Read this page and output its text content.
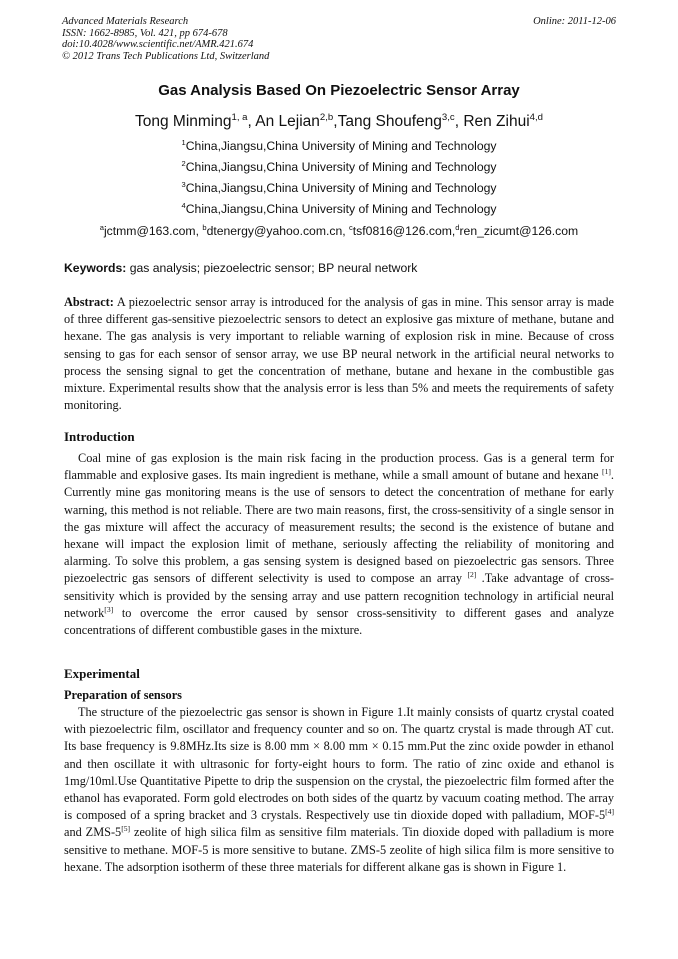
Advanced Materials Research
ISSN: 1662-8985, Vol. 421, pp 674-678
doi:10.4028/www.scientific.net/AMR.421.674
© 2012 Trans Tech Publications Ltd, Switzerland
Online: 2011-12-06
Gas Analysis Based On Piezoelectric Sensor Array
Tong Minming$^{1, a}$, An Lejian$^{2,b}$,Tang Shoufeng$^{3,c}$, Ren Zihui$^{4,d}$
$^1$China,Jiangsu,China University of Mining and Technology
$^2$China,Jiangsu,China University of Mining and Technology
$^3$China,Jiangsu,China University of Mining and Technology
$^4$China,Jiangsu,China University of Mining and Technology
$^a$jctmm@163.com, $^b$dtenergy@yahoo.com.cn, $^c$tsf0816@126.com,$^d$ren_zicumt@126.com
Keywords: gas analysis; piezoelectric sensor; BP neural network
Abstract: A piezoelectric sensor array is introduced for the analysis of gas in mine. This sensor array is made of three different gas-sensitive piezoelectric sensors to detect an explosive gas mixture of methane, butane and hexane. The gas analysis is very important to reliable warning of explosion risk in mine. Because of cross sensing to gas for each sensor of sensor array, we use BP neural network in the artificial neural networks to process the sensing signal to get the concentration of methane, butane and hexane in the combustible gas mixture. Experimental results show that the analysis error is less than 5% and meets the requirements of safety monitoring.
Introduction
Coal mine of gas explosion is the main risk facing in the production process. Gas is a general term for flammable and explosive gases. Its main ingredient is methane, while a small amount of butane and hexane [1]. Currently mine gas monitoring means is the use of sensors to detect the concentration of methane for early warning, this method is not reliable. There are two main reasons, first, the cross-sensitivity of a single sensor in the gas mixture will affect the accuracy of measurement results; the second is the existence of butane and hexane will impact the explosion limit of methane, seriously affecting the reliability of monitoring and alarming. To solve this problem, a gas sensing system is designed based on piezoelectric gas sensors. Three piezoelectric gas sensors of different selectivity is used to compose an array [2] .Take advantage of cross-sensitivity which is provided by the sensing array and use pattern recognition technology in artificial neural network[3] to overcome the error caused by sensor cross-sensitivity to different gases and analyze concentrations of different combustible gases in the mixture.
Experimental
Preparation of sensors
The structure of the piezoelectric gas sensor is shown in Figure 1.It mainly consists of quartz crystal coated with piezoelectric film, oscillator and frequency counter and so on. The quartz crystal is made through AT cut. Its base frequency is 9.8MHz.Its size is 8.00 mm × 8.00 mm × 0.15 mm.Put the zinc oxide powder in ethanol and then oscillate it with ultrasonic for forty-eight hours to form. The ratio of zinc oxide and ethanol is 1mg/10ml.Use Quantitative Pipette to drip the suspension on the crystal, the piezoelectric film formed after the ethanol has evaporated. Form gold electrodes on both sides of the quartz by vacuum coating method. The array is composed of a spring bracket and 3 crystals. Respectively use tin dioxide doped with palladium, MOF-5[4] and ZMS-5[5] zeolite of high silica film as sensitive film materials. Tin dioxide doped with palladium is more sensitive to methane. MOF-5 is more sensitive to butane. ZMS-5 zeolite of high silica film is more sensitive to hexane. The adsorption isotherm of these three materials for different alkane gas is shown in Figure 1.
